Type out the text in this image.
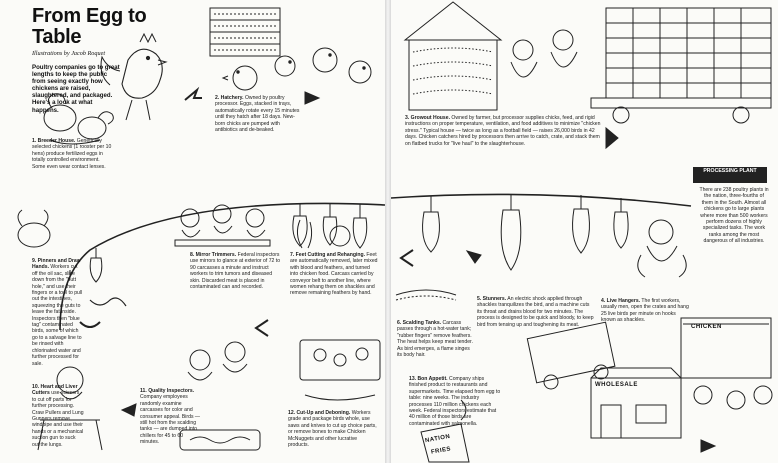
From Egg to
Table
Illustrations by Jacob Roquet
Poultry companies go to great lengths to keep the public from seeing exactly how chickens are raised, slaughtered, and packaged. Here's a look at what happens.
1. Breeder House. Genetically selected chickens (1 rooster per 10 hens) produce fertilized eggs in totally controlled environment. Some even wear contact lenses.
2. Hatchery. Owned by poultry processor. Eggs, stacked in trays, automatically rotate every 15 minutes until they hatch after 18 days. New-born chicks are pumped with antibiotics and de-beaked.
9. Pinners and Draw Hands. Workers cut off the oil sac, slice down from the "butt hole," and use their fingers or a tool to pull out the intestines, squeezing the guts to leave the fat inside. Inspectors then "blue tag" contaminated birds, some of which go to a salvage line to be rinsed with chlorinated water and further processed for sale.
8. Mirror Trimmers. Federal inspectors use mirrors to glance at exterior of 72 to 90 carcasses a minute and instruct workers to trim tumors and diseased skin. Discarded meat is placed in contaminated can and recorded.
7. Feet Cutting and Rehanging. Feet are automatically removed, later mixed with blood and feathers, and turned into chicken food. Carcass carried by conveyor belt to another line, where women rehang them on shackles and remove remaining feathers by hand.
10. Heart and Liver Cutters use scissors to cut off parts for further processing. Craw Pullers and Lung Gunners remove windpipe and use their hands or a mechanical suction gun to suck out the lungs.
11. Quality Inspectors. Company employees randomly examine carcasses for color and consumer appeal. Birds — still hot from the scalding tanks — are dumped into chillers for 45 to 60 minutes.
12. Cut-Up and Deboning. Workers grade and package birds whole, use saws and knives to cut up choice parts, or remove bones to make Chicken McNuggets and other lucrative products.
3. Growout House. Owned by farmer, but processor supplies chicks, feed, and rigid instructions on proper temperature, ventilation, and food additives to minimize "chicken stress." Typical house — twice as long as a football field — raises 26,000 birds in 42 days. Chicken catchers hired by processors then arrive to catch, crate, and stack them on flatbed trucks for "live haul" to the slaughterhouse.
PROCESSING PLANT
There are 238 poultry plants in the nation, three-fourths of them in the South. Almost all chickens go to large plants where more than 500 workers perform dozens of highly specialized tasks. The work ranks among the most dangerous of all industries.
4. Live Hangers. The first workers, usually men, open the crates and hang 25 live birds per minute on hooks known as shackles.
5. Stunners. An electric shock applied through shackles tranquilizes the bird, and a machine cuts its throat and drains blood for two minutes. The process is designed to be quick and bloody, to keep bird from tensing up and toughening its meat.
6. Scalding Tanks. Carcass passes through a hot-water tank; "rubber fingers" remove feathers. The heat helps keep meat tender. As bird emerges, a flame singes its body hair.
13. Bon Appetit. Company ships finished product to restaurants and supermarkets. Time elapsed from egg to table: nine weeks. The industry processes 110 million chickens each week. Federal inspectors estimate that 40 million of those birds are contaminated with salmonella.
WHOLESALE
CHICKEN
NATION
FRIES
